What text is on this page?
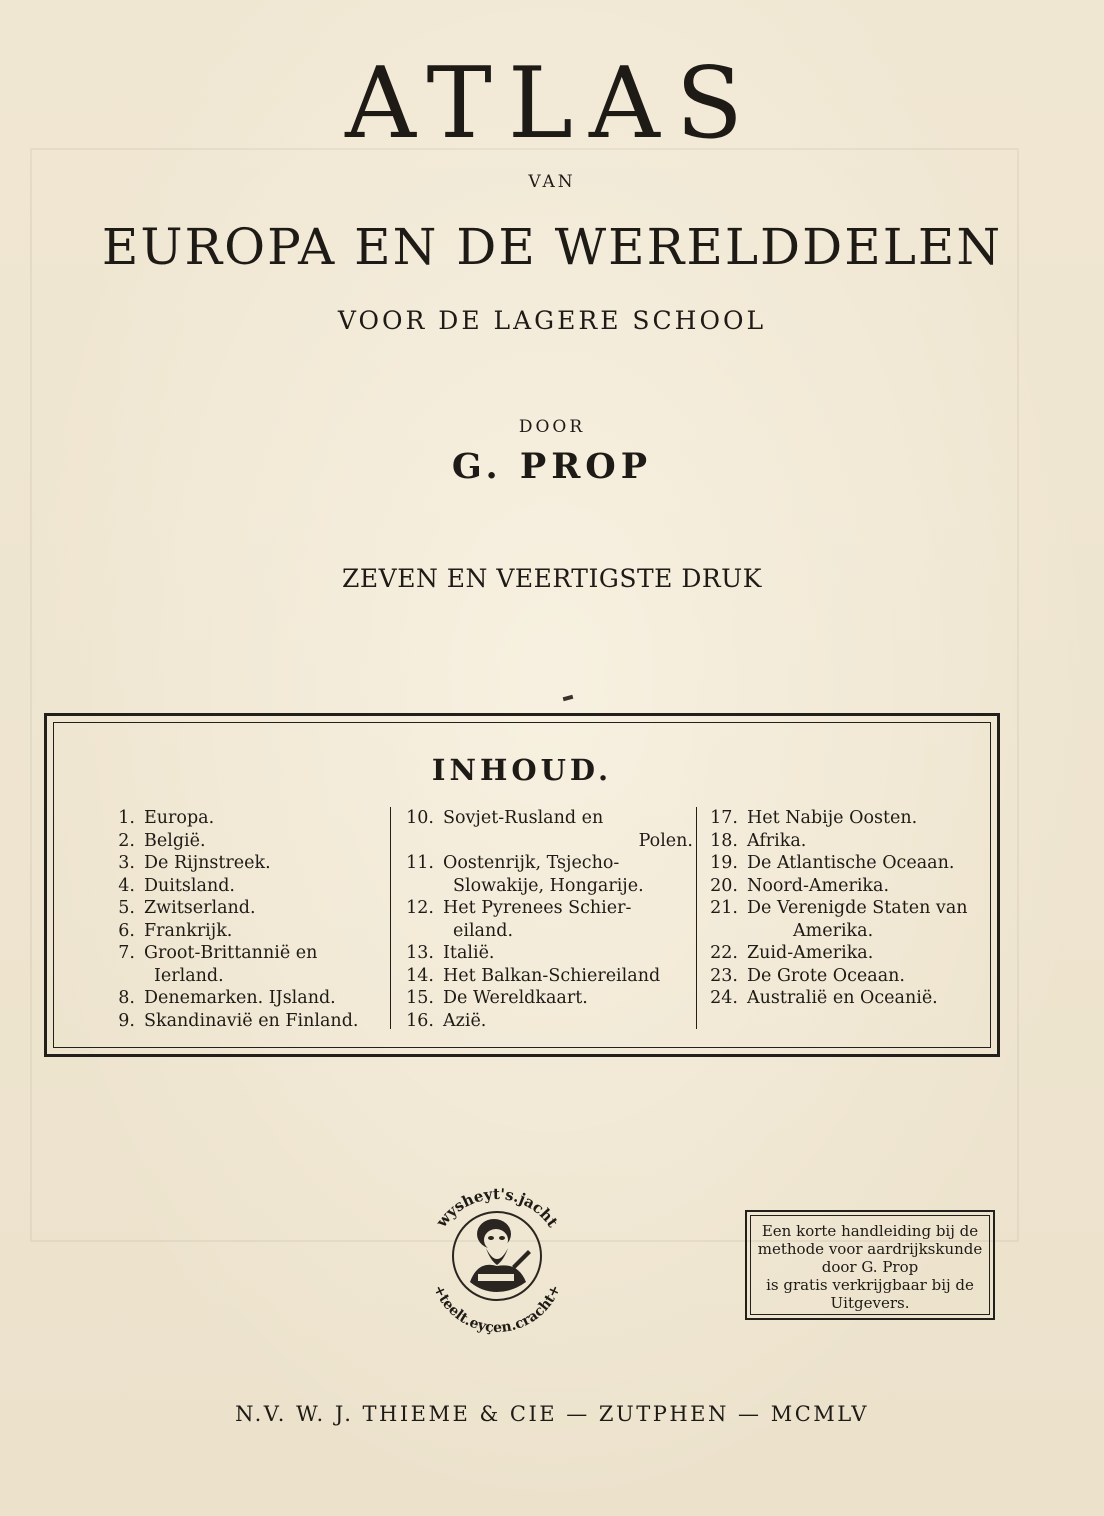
ATLAS
VAN
EUROPA EN DE WERELDDELEN
VOOR DE LAGERE SCHOOL
DOOR
G. PROP
ZEVEN EN VEERTIGSTE DRUK
INHOUD.
1. Europa.
2. België.
3. De Rijnstreek.
4. Duitsland.
5. Zwitserland.
6. Frankrijk.
7. Groot-Brittannië en
Ierland.
8. Denemarken. IJsland.
9. Skandinavië en Finland.
10. Sovjet-Rusland en
Polen.
11. Oostenrijk, Tsjecho-
Slowakije, Hongarije.
12. Het Pyrenees Schier-
eiland.
13. Italië.
14. Het Balkan-Schiereiland
15. De Wereldkaart.
16. Azië.
17. Het Nabije Oosten.
18. Afrika.
19. De Atlantische Oceaan.
20. Noord-Amerika.
21. De Verenigde Staten van
Amerika.
22. Zuid-Amerika.
23. De Grote Oceaan.
24. Australië en Oceanië.
wysheyt's.jacht
+teelt.eyçen.cracht+
Een korte handleiding bij de
methode voor aardrijkskunde
door G. Prop
is gratis verkrijgbaar bij de
Uitgevers.
N.V. W. J. THIEME & CIE — ZUTPHEN — MCMLV
